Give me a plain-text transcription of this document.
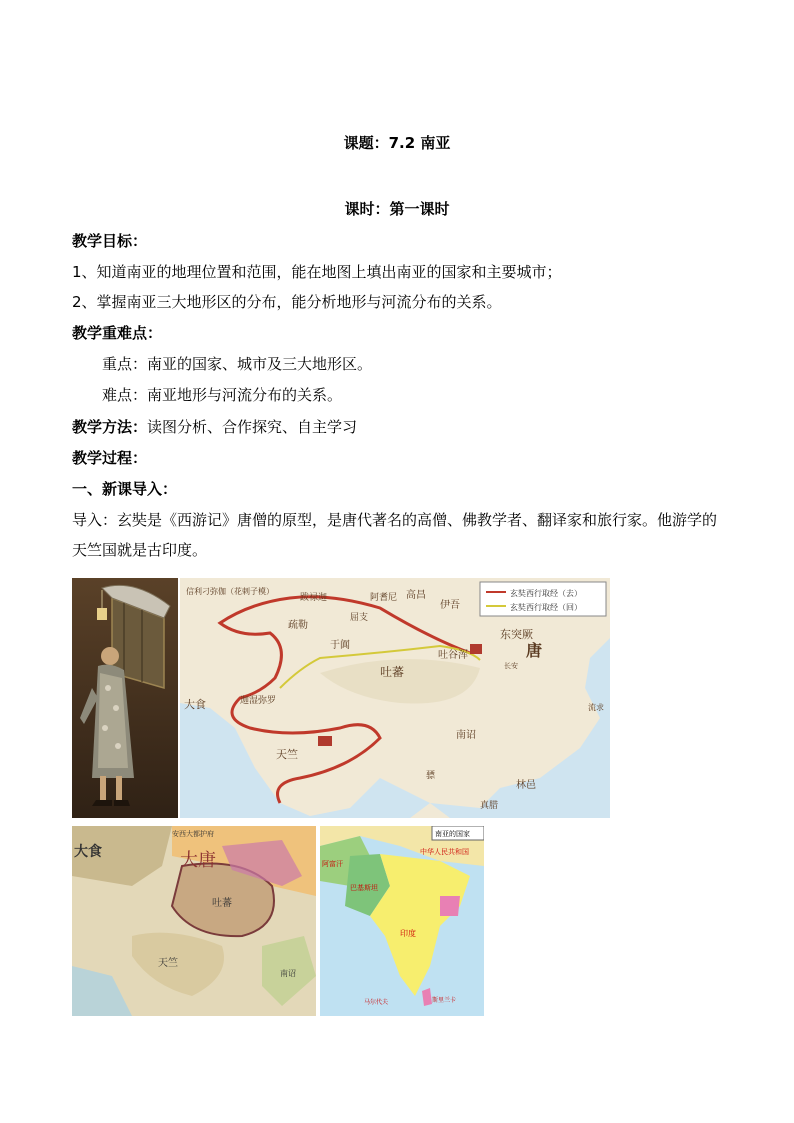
课题：7.2 南亚
课时：第一课时
教学目标：
1、知道南亚的地理位置和范围，能在地图上填出南亚的国家和主要城市；
2、掌握南亚三大地形区的分布，能分析地形与河流分布的关系。
教学重难点：
重点：南亚的国家、城市及三大地形区。
难点：南亚地形与河流分布的关系。
教学方法：读图分析、合作探究、自主学习
教学过程：
一、新课导入：
导入：玄奘是《西游记》唐僧的原型，是唐代著名的高僧、佛教学者、翻译家和旅行家。他游学的天竺国就是古印度。
玄奘西行取经（去）
玄奘西行取经（回）
信利刁弥伽（花剌子模）
跋禄迦	阿耆尼 高昌
伊吾
东突厥
屈支
疏勒
于阗
吐谷浑
吐蕃
唐
长安
大食
天竺
迦湿弥罗
南诏
骠
林邑
真腊
流求
大唐
大食
吐蕃
天竺
南诏
安西大都护府	南亚的国家
中华人民共和国
阿富汗
巴基斯坦
印度
斯里兰卡
马尔代夫
